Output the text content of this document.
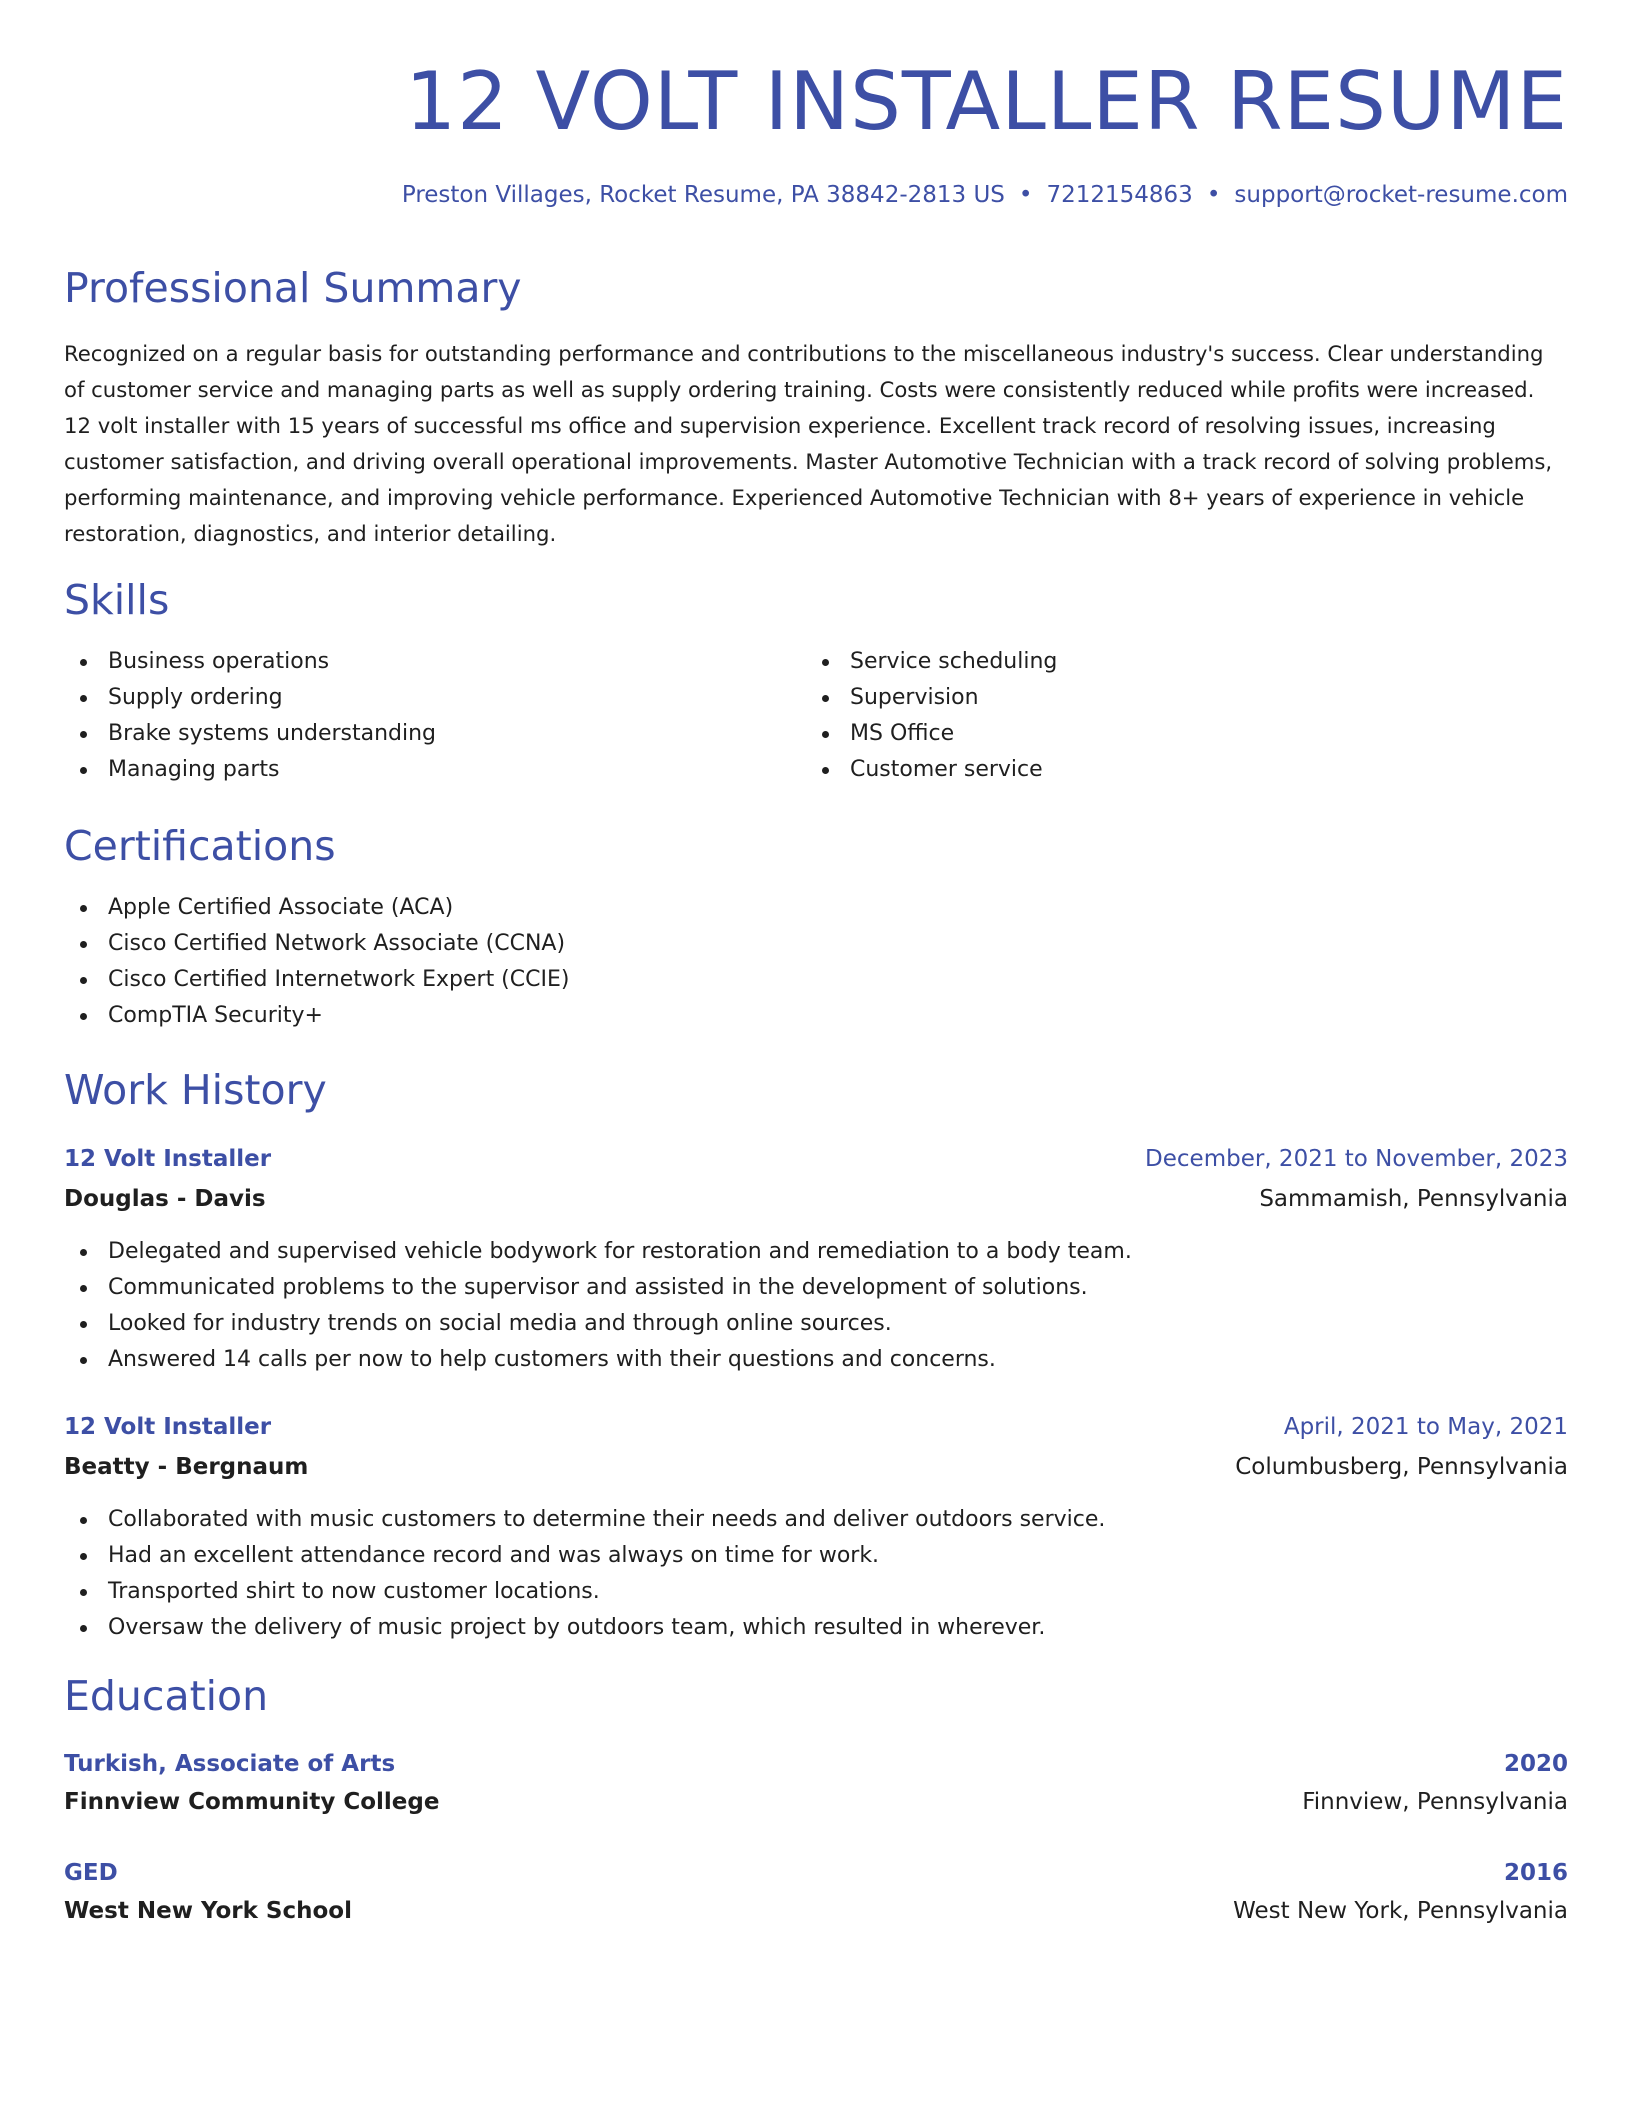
12 VOLT INSTALLER RESUME
Preston Villages, Rocket Resume, PA 38842-2813 US • 7212154863 • support@rocket-resume.com
Professional Summary

Recognized on a regular basis for outstanding performance and contributions to the miscellaneous industry's success. Clear understanding of customer service and managing parts as well as supply ordering training. Costs were consistently reduced while profits were increased. 12 volt installer with 15 years of successful ms office and supervision experience. Excellent track record of resolving issues, increasing customer satisfaction, and driving overall operational improvements. Master Automotive Technician with a track record of solving problems, performing maintenance, and improving vehicle performance. Experienced Automotive Technician with 8+ years of experience in vehicle restoration, diagnostics, and interior detailing.

Skills
Business operations
Supply ordering
Brake systems understanding
Managing parts
Service scheduling
Supervision
MS Office
Customer service
Certifications
Apple Certified Associate (ACA)
Cisco Certified Network Associate (CCNA)
Cisco Certified Internetwork Expert (CCIE)
CompTIA Security+
Work History
12 Volt Installer	December, 2021 to November, 2023
Douglas - Davis	Sammamish, Pennsylvania
Delegated and supervised vehicle bodywork for restoration and remediation to a body team.
Communicated problems to the supervisor and assisted in the development of solutions.
Looked for industry trends on social media and through online sources.
Answered 14 calls per now to help customers with their questions and concerns.
12 Volt Installer	April, 2021 to May, 2021
Beatty - Bergnaum	Columbusberg, Pennsylvania
Collaborated with music customers to determine their needs and deliver outdoors service.
Had an excellent attendance record and was always on time for work.
Transported shirt to now customer locations.
Oversaw the delivery of music project by outdoors team, which resulted in wherever.
Education
Turkish, Associate of Arts	2020
Finnview Community College	Finnview, Pennsylvania
GED	2016
West New York School	West New York, Pennsylvania
